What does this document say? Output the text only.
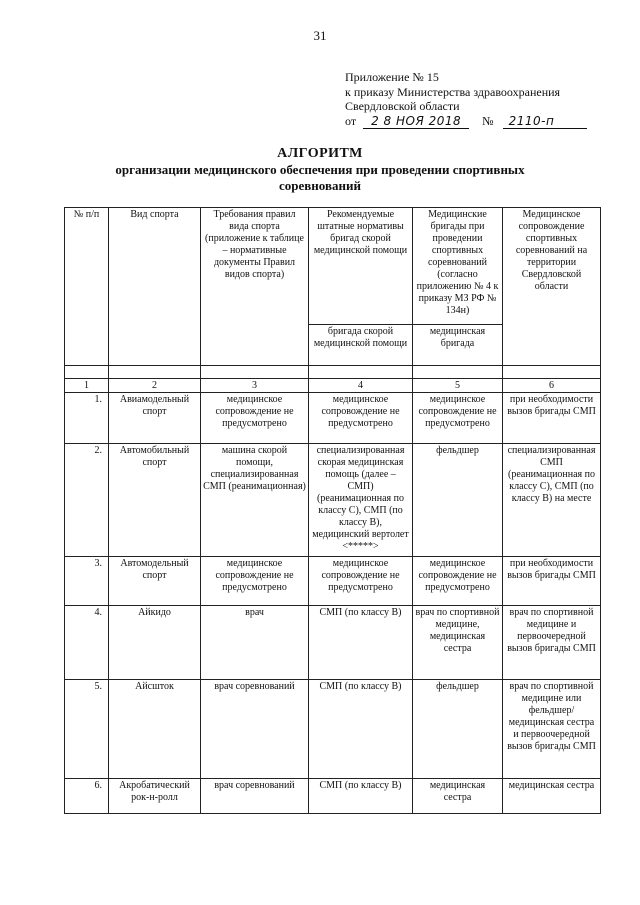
31
Приложение № 15
к приказу Министерства здравоохранения
Свердловской области
от 2 8 НОЯ 2018 № 2110-п
АЛГОРИТМ
организации медицинского обеспечения при проведении спортивных соревнований
№ п/п	Вид спорта	Требования правил вида спорта (приложение к таблице – нормативные документы Правил видов спорта)	Рекомендуемые штатные нормативы бригад скорой медицинской помощи	Медицинские бригады при проведении спортивных соревнований (согласно приложению № 4 к приказу МЗ РФ № 134н)	Медицинское сопровождение спортивных соревнований на территории Свердловской области
			бригада скорой медицинской помощи	медицинская бригада	

1	2	3	4	5	6
1.	Авиамодельный спорт	медицинское сопровождение не предусмотрено	медицинское сопровождение не предусмотрено	медицинское сопровождение не предусмотрено	при необходимости вызов бригады СМП
2.	Автомобильный спорт	машина скорой помощи, специализированная СМП (реанимационная)	специализированная скорая медицинская помощь (далее – СМП) (реанимационная по классу С), СМП (по классу В), медицинский вертолет <*****>	фельдшер	специализированная СМП (реанимационная по классу С), СМП (по классу В) на месте
3.	Автомодельный спорт	медицинское сопровождение не предусмотрено	медицинское сопровождение не предусмотрено	медицинское сопровождение не предусмотрено	при необходимости вызов бригады СМП
4.	Айкидо	врач	СМП (по классу В)	врач по спортивной медицине, медицинская сестра	врач по спортивной медицине и первоочередной вызов бригады СМП
5.	Айсшток	врач соревнований	СМП (по классу В)	фельдшер	врач по спортивной медицине или фельдшер/медицинская сестра и первоочередной вызов бригады СМП
6.	Акробатический рок-н-ролл	врач соревнований	СМП (по классу В)	медицинская сестра	медицинская сестра
